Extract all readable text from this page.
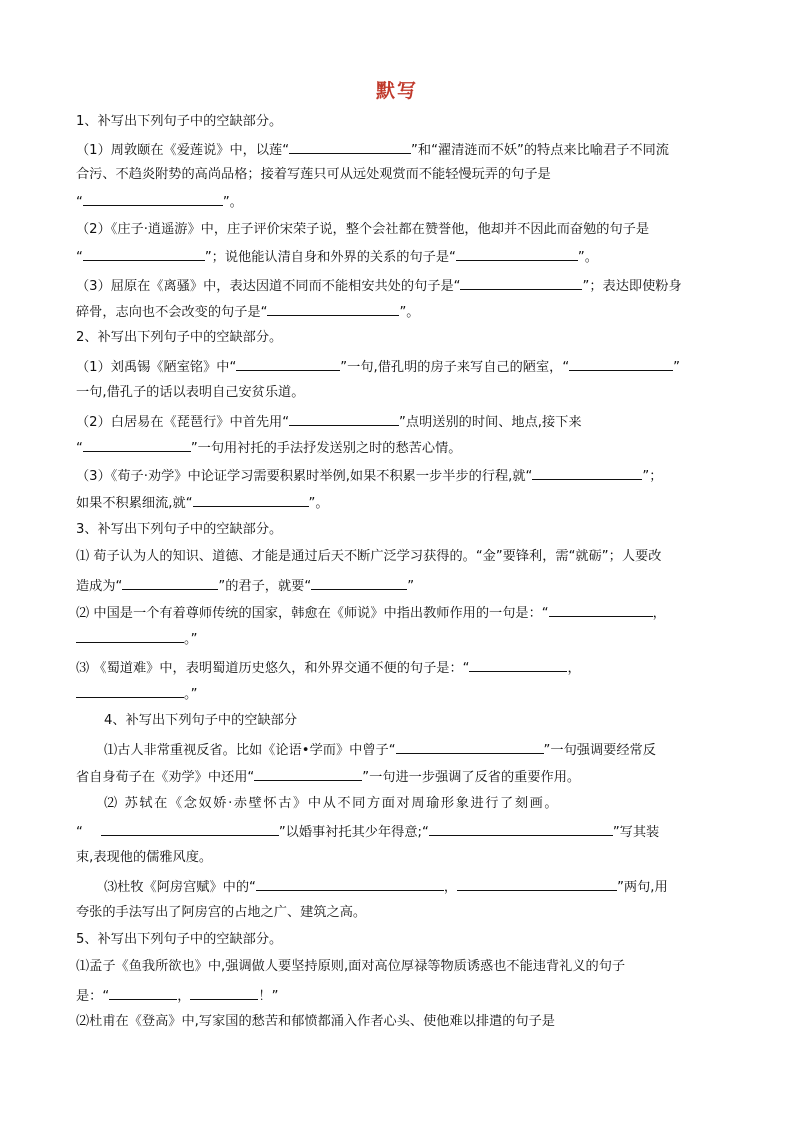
默写
1、补写出下列句子中的空缺部分。
（1）周敦颐在《爱莲说》中，以莲“	”和“濯清涟而不妖”的特点来比喻君子不同流
合污、不趋炎附势的高尚品格；接着写莲只可从远处观赏而不能轻慢玩弄的句子是
“	”。
（2）《庄子·逍遥游》中，庄子评价宋荣子说，整个会社都在赞誉他，他却并不因此而奋勉的句子是
“	”；说他能认清自身和外界的关系的句子是“	”。
（3）屈原在《离骚》中，表达因道不同而不能相安共处的句子是“	”；表达即使粉身
碎骨，志向也不会改变的句子是“	”。
2、补写出下列句子中的空缺部分。
（1）刘禹锡《陋室铭》中“	”一句,借孔明的房子来写自己的陋室，“	”
一句,借孔子的话以表明自己安贫乐道。
（2）白居易在《琵琶行》中首先用“	”点明送别的时间、地点,接下来
“	”一句用衬托的手法抒发送别之时的愁苦心情。
（3）《荀子·劝学》中论证学习需要积累时举例,如果不积累一步半步的行程,就“	”；
如果不积累细流,就“	”。
3、补写出下列句子中的空缺部分。
⑴ 荀子认为人的知识、道德、才能是通过后天不断广泛学习获得的。“金”要锋利，需“就砺”；人要改
造成为“	”的君子，就要“	”
⑵ 中国是一个有着尊师传统的国家，韩愈在《师说》中指出教师作用的一句是：“	，
。”
⑶ 《蜀道难》中，表明蜀道历史悠久，和外界交通不便的句子是：“	，
。”
4、补写出下列句子中的空缺部分
⑴古人非常重视反省。比如《论语•学而》中曾子“	”一句强调要经常反
省自身荀子在《劝学》中还用“	”一句进一步强调了反省的重要作用。
⑵ 苏轼在《念奴娇·赤壁怀古》中从不同方面对周瑜形象进行了刻画。
“	”以婚事衬托其少年得意;“	”写其装
束,表现他的儒雅风度。
⑶杜牧《阿房宫赋》中的“	，	”两句,用
夸张的手法写出了阿房宫的占地之广、建筑之高。
5、补写出下列句子中的空缺部分。
⑴孟子《鱼我所欲也》中,强调做人要坚持原则,面对高位厚禄等物质诱惑也不能违背礼义的句子
是：“	，	！”
⑵杜甫在《登高》中,写家国的愁苦和郁愤都涌入作者心头、使他难以排遣的句子是
